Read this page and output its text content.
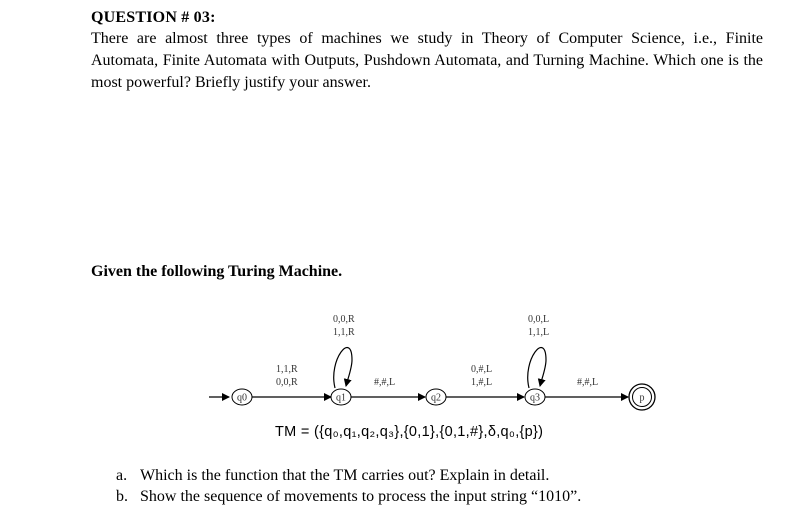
QUESTION # 03:
There are almost three types of machines we study in Theory of Computer Science, i.e., Finite Automata, Finite Automata with Outputs, Pushdown Automata, and Turning Machine. Which one is the most powerful? Briefly justify your answer.
Given the following Turing Machine.
q0	q1	q2	q3	p
1,1,R
0,0,R
0,0,R
1,1,R
#,#,L
0,#,L
1,#,L
0,0,L
1,1,L
#,#,L
TM = ({q₀,q₁,q₂,q₃},{0,1},{0,1,#},δ,q₀,{p})
a. Which is the function that the TM carries out? Explain in detail.
b. Show the sequence of movements to process the input string “1010”.
